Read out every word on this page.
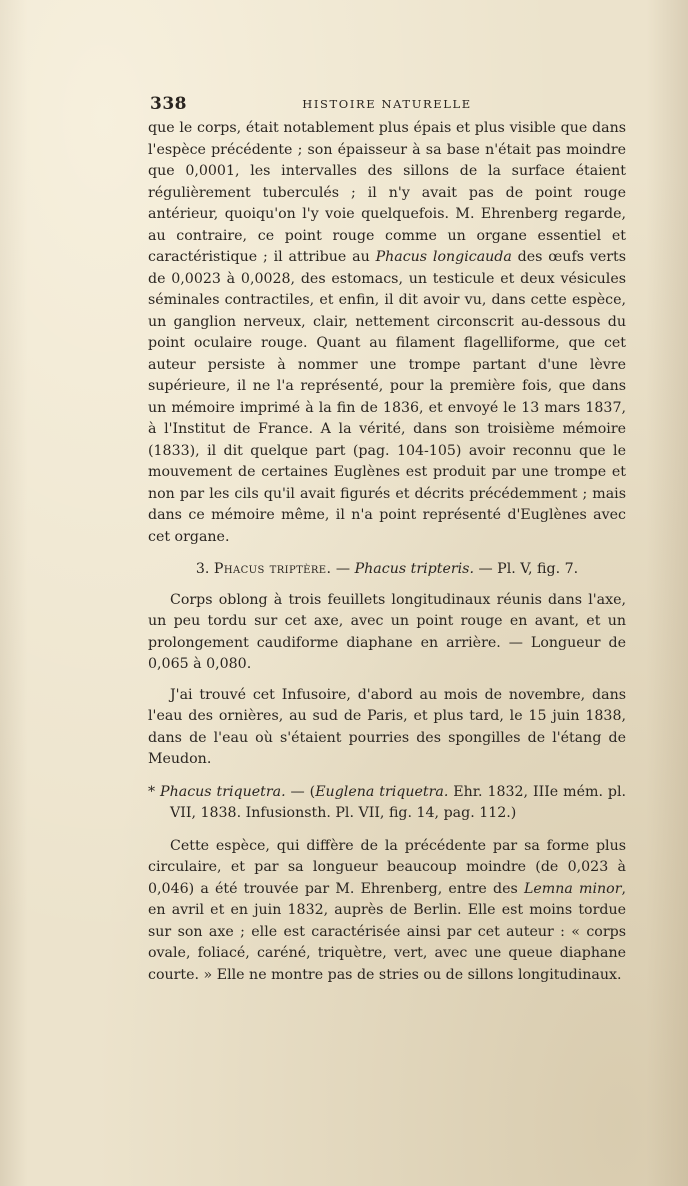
338	HISTOIRE NATURELLE

que le corps, était notablement plus épais et plus visible que dans l'espèce précédente ; son épaisseur à sa base n'était pas moindre que 0,0001, les intervalles des sillons de la surface étaient régulièrement tuberculés ; il n'y avait pas de point rouge antérieur, quoiqu'on l'y voie quelquefois. M. Ehrenberg regarde, au contraire, ce point rouge comme un organe essentiel et caractéristique ; il attribue au Phacus longicauda des œufs verts de 0,0023 à 0,0028, des estomacs, un testicule et deux vésicules séminales contractiles, et enfin, il dit avoir vu, dans cette espèce, un ganglion nerveux, clair, nettement circonscrit au-dessous du point oculaire rouge. Quant au filament flagelliforme, que cet auteur persiste à nommer une trompe partant d'une lèvre supérieure, il ne l'a représenté, pour la première fois, que dans un mémoire imprimé à la fin de 1836, et envoyé le 13 mars 1837, à l'Institut de France. A la vérité, dans son troisième mémoire (1833), il dit quelque part (pag. 104-105) avoir reconnu que le mouvement de certaines Euglènes est produit par une trompe et non par les cils qu'il avait figurés et décrits précédemment ; mais dans ce mémoire même, il n'a point représenté d'Euglènes avec cet organe.

3. Phacus triptère. — Phacus tripteris. — Pl. V, fig. 7.

Corps oblong à trois feuillets longitudinaux réunis dans l'axe, un peu tordu sur cet axe, avec un point rouge en avant, et un prolongement caudiforme diaphane en arrière. — Longueur de 0,065 à 0,080.

J'ai trouvé cet Infusoire, d'abord au mois de novembre, dans l'eau des ornières, au sud de Paris, et plus tard, le 15 juin 1838, dans de l'eau où s'étaient pourries des spongilles de l'étang de Meudon.

* Phacus triquetra. — (Euglena triquetra. Ehr. 1832, IIIe mém. pl. VII, 1838. Infusionsth. Pl. VII, fig. 14, pag. 112.)

Cette espèce, qui diffère de la précédente par sa forme plus circulaire, et par sa longueur beaucoup moindre (de 0,023 à 0,046) a été trouvée par M. Ehrenberg, entre des Lemna minor, en avril et en juin 1832, auprès de Berlin. Elle est moins tordue sur son axe ; elle est caractérisée ainsi par cet auteur : « corps ovale, foliacé, caréné, triquètre, vert, avec une queue diaphane courte. » Elle ne montre pas de stries ou de sillons longitudinaux.
